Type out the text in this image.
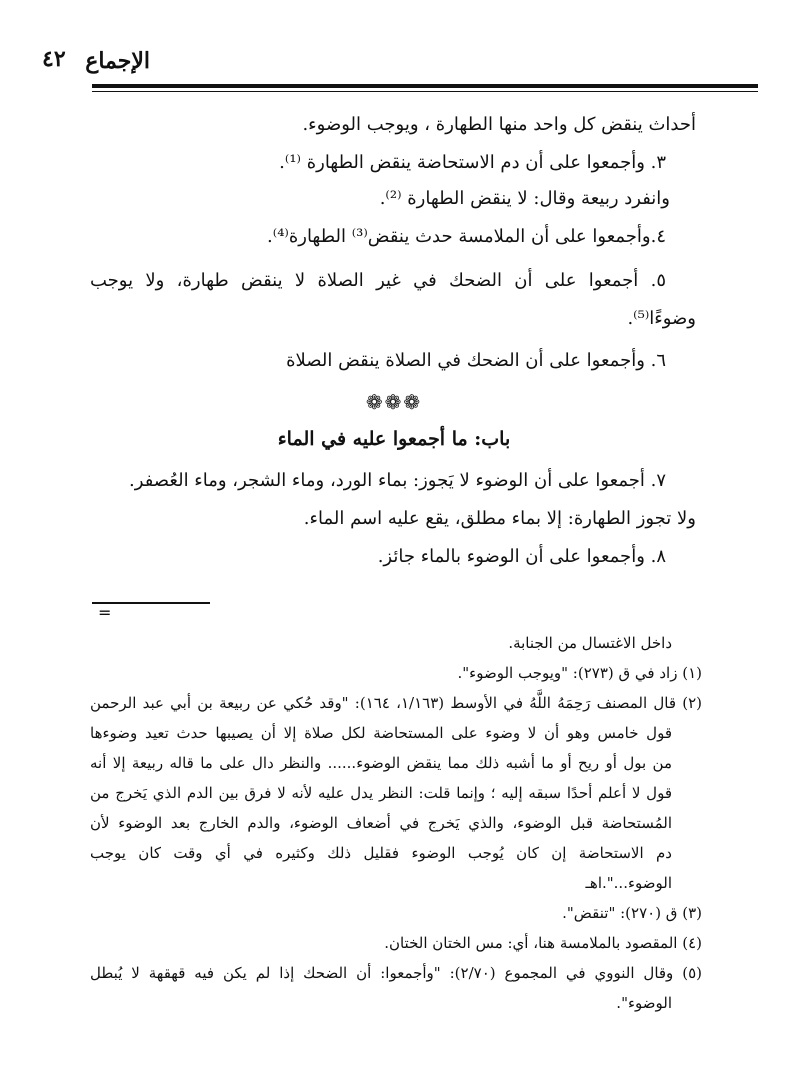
الإجماع
٤٢
أحداث ينقض كل واحد منها الطهارة ، ويوجب الوضوء.
٣. وأجمعوا على أن دم الاستحاضة ينقض الطهارة ⁽¹⁾.
وانفرد ربيعة وقال: لا ينقض الطهارة ⁽²⁾.
٤.وأجمعوا على أن الملامسة حدث ينقض⁽³⁾ الطهارة⁽⁴⁾.
٥. أجمعوا على أن الضحك في غير الصلاة لا ينقض طهارة، ولا يوجب
وضوءًا⁽⁵⁾.
٦. وأجمعوا على أن الضحك في الصلاة ينقض الصلاة
❁❁❁
باب: ما أجمعوا عليه في الماء
٧. أجمعوا على أن الوضوء لا يَجوز: بماء الورد، وماء الشجر، وماء العُصفر.
ولا تجوز الطهارة: إلا بماء مطلق، يقع عليه اسم الماء.
٨. وأجمعوا على أن الوضوء بالماء جائز.
=
داخل الاغتسال من الجنابة.
(١) زاد في ق (٢٧٣): "ويوجب الوضوء".
(٢) قال المصنف رَحِمَهُ اللَّهُ في الأوسط (١/١٦٣، ١٦٤): "وقد حُكي عن ربيعة بن أبي عبد الرحمن
قول خامس وهو أن لا وضوء على المستحاضة لكل صلاة إلا أن يصيبها حدث تعيد وضوءها
من بول أو ريح أو ما أشبه ذلك مما ينقض الوضوء...... والنظر دال على ما قاله ربيعة إلا أنه
قول لا أعلم أحدًا سبقه إليه ؛ وإنما قلت: النظر يدل عليه لأنه لا فرق بين الدم الذي يَخرج من
المُستحاضة قبل الوضوء، والذي يَخرج في أضعاف الوضوء، والدم الخارج بعد الوضوء لأن
دم الاستحاضة إن كان يُوجب الوضوء فقليل ذلك وكثيره في أي وقت كان يوجب
الوضوء...".اهـ
(٣) ق (٢٧٠): "تنقض".
(٤) المقصود بالملامسة هنا، أي: مس الختان الختان.
(٥) وقال النووي في المجموع (٢/٧٠): "وأجمعوا: أن الضحك إذا لم يكن فيه قهقهة لا يُبطل
الوضوء".
